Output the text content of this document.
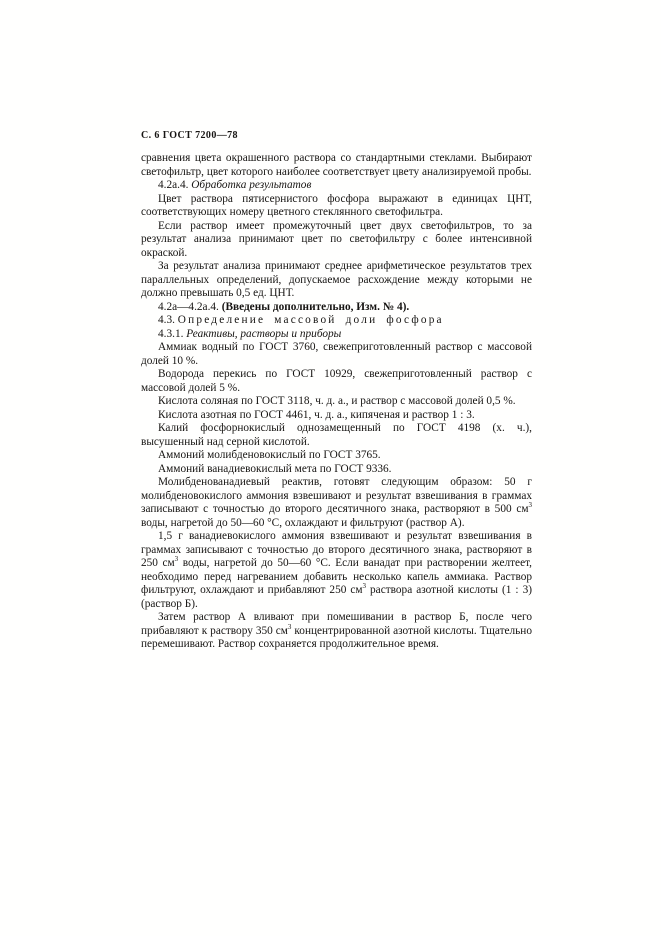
С. 6 ГОСТ 7200—78

сравнения цвета окрашенного раствора со стандартными стеклами. Выбирают светофильтр, цвет которого наиболее соответствует цвету анализируемой пробы.

4.2а.4. Обработка результатов

Цвет раствора пятисернистого фосфора выражают в единицах ЦНТ, соответствующих номеру цветного стеклянного светофильтра.

Если раствор имеет промежуточный цвет двух светофильтров, то за результат анализа принимают цвет по светофильтру с более интенсивной окраской.

За результат анализа принимают среднее арифметическое результатов трех параллельных определений, допускаемое расхождение между которыми не должно превышать 0,5 ед. ЦНТ.

4.2а—4.2а.4. (Введены дополнительно, Изм. № 4).

4.3. Определение массовой доли фосфора

4.3.1. Реактивы, растворы и приборы

Аммиак водный по ГОСТ 3760, свежеприготовленный раствор с массовой долей 10 %.

Водорода перекись по ГОСТ 10929, свежеприготовленный раствор с массовой долей 5 %.

Кислота соляная по ГОСТ 3118, ч. д. а., и раствор с массовой долей 0,5 %.

Кислота азотная по ГОСТ 4461, ч. д. а., кипяченая и раствор 1 : 3.

Калий фосфорнокислый однозамещенный по ГОСТ 4198 (х. ч.), высушенный над серной кислотой.

Аммоний молибденовокислый по ГОСТ 3765.

Аммоний ванадиевокислый мета по ГОСТ 9336.

Молибденованадиевый реактив, готовят следующим образом: 50 г молибденовокислого аммония взвешивают и результат взвешивания в граммах записывают с точностью до второго десятичного знака, растворяют в 500 $см^3$ воды, нагретой до 50—60 °С, охлаждают и фильтруют (раствор А).

1,5 г ванадиевокислого аммония взвешивают и результат взвешивания в граммах записывают с точностью до второго десятичного знака, растворяют в 250 $см^3$ воды, нагретой до 50—60 °С. Если ванадат при растворении желтеет, необходимо перед нагреванием добавить несколько капель аммиака. Раствор фильтруют, охлаждают и прибавляют 250 $см^3$ раствора азотной кислоты (1 : 3) (раствор Б).

Затем раствор А вливают при помешивании в раствор Б, после чего прибавляют к раствору 350 $см^3$ концентрированной азотной кислоты. Тщательно перемешивают. Раствор сохраняется продолжительное время.
